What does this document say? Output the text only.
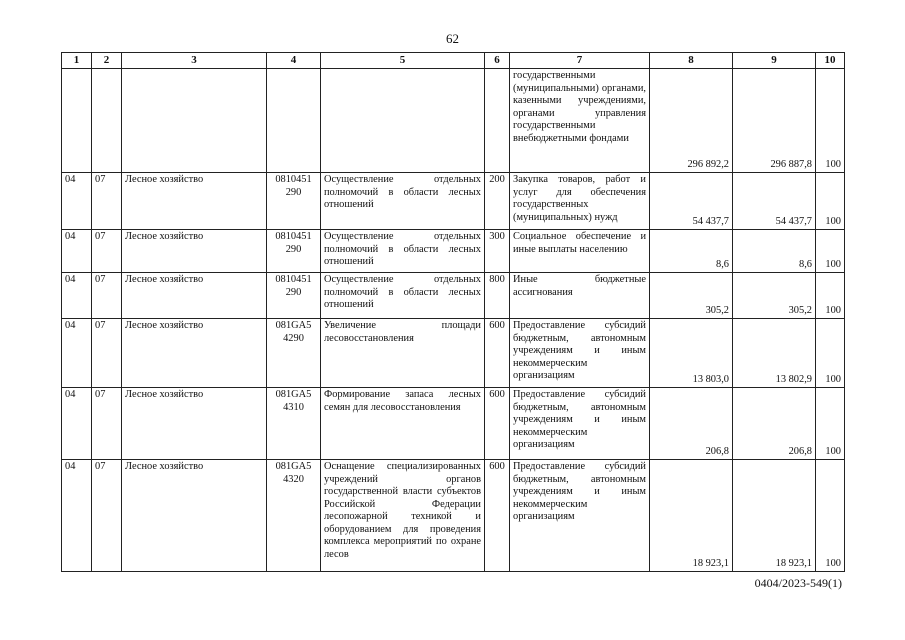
62
1	2	3	4	5	6	7	8	9	10
						государственными (муниципальными) органами, казенными учреждениями, органами управления государственными внебюджетными фондами	296 892,2	296 887,8	100
04	07	Лесное хозяйство	0810451 290	Осуществление отдельных полномочий в области лесных отношений	200	Закупка товаров, работ и услуг для обеспечения государственных (муниципальных) нужд	54 437,7	54 437,7	100
04	07	Лесное хозяйство	0810451 290	Осуществление отдельных полномочий в области лесных отношений	300	Социальное обеспечение и иные выплаты населению	8,6	8,6	100
04	07	Лесное хозяйство	0810451 290	Осуществление отдельных полномочий в области лесных отношений	800	Иные бюджетные ассигнования	305,2	305,2	100
04	07	Лесное хозяйство	081GA5 4290	Увеличение площади лесовосстановления	600	Предоставление субсидий бюджетным, автономным учреждениям и иным некоммерческим организациям	13 803,0	13 802,9	100
04	07	Лесное хозяйство	081GA5 4310	Формирование запаса лесных семян для лесовосстановления	600	Предоставление субсидий бюджетным, автономным учреждениям и иным некоммерческим организациям	206,8	206,8	100
04	07	Лесное хозяйство	081GA5 4320	Оснащение специализированных учреждений органов государственной власти субъектов Российской Федерации лесопожарной техникой и оборудованием для проведения комплекса мероприятий по охране лесов	600	Предоставление субсидий бюджетным, автономным учреждениям и иным некоммерческим организациям	18 923,1	18 923,1	100
0404/2023-549(1)
